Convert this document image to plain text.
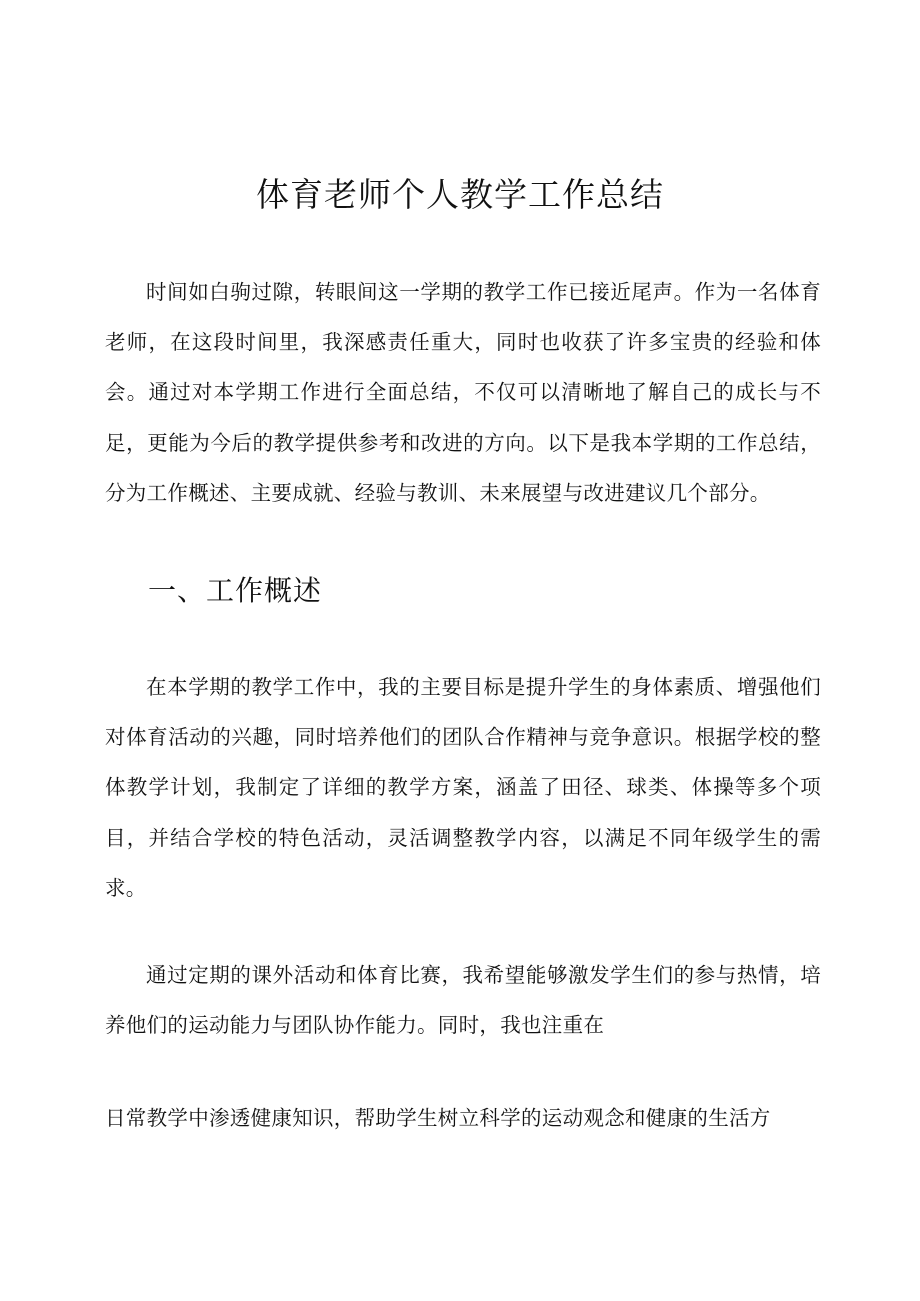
体育老师个人教学工作总结

时间如白驹过隙，转眼间这一学期的教学工作已接近尾声。作为一名体育老师，在这段时间里，我深感责任重大，同时也收获了许多宝贵的经验和体会。通过对本学期工作进行全面总结，不仅可以清晰地了解自己的成长与不足，更能为今后的教学提供参考和改进的方向。以下是我本学期的工作总结，分为工作概述、主要成就、经验与教训、未来展望与改进建议几个部分。

一、工作概述

在本学期的教学工作中，我的主要目标是提升学生的身体素质、增强他们对体育活动的兴趣，同时培养他们的团队合作精神与竞争意识。根据学校的整体教学计划，我制定了详细的教学方案，涵盖了田径、球类、体操等多个项目，并结合学校的特色活动，灵活调整教学内容，以满足不同年级学生的需求。

通过定期的课外活动和体育比赛，我希望能够激发学生们的参与热情，培养他们的运动能力与团队协作能力。同时，我也注重在

日常教学中渗透健康知识，帮助学生树立科学的运动观念和健康的生活方
